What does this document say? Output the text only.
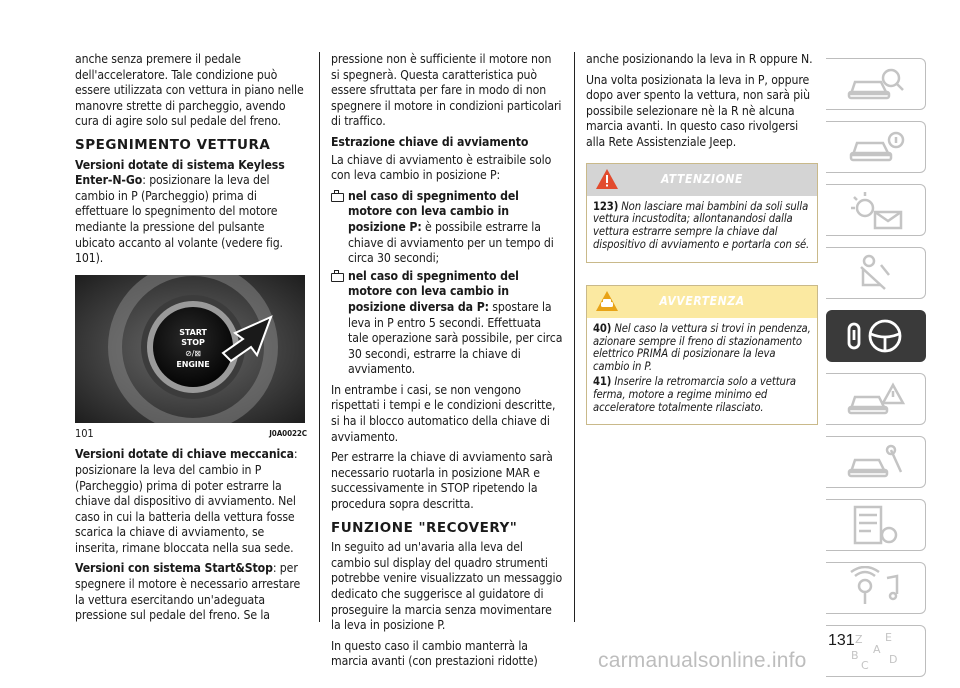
anche senza premere il pedale dell'acceleratore. Tale condizione può essere utilizzata con vettura in piano nelle manovre strette di parcheggio, avendo cura di agire solo sul pedale del freno.

SPEGNIMENTO VETTURA

Versioni dotate di sistema Keyless Enter-N-Go: posizionare la leva del cambio in P (Parcheggio) prima di effettuare lo spegnimento del motore mediante la pressione del pulsante ubicato accanto al volante (vedere fig. 101).

START
STOP
⊘/⊠
ENGINE
101	J0A0022C

Versioni dotate di chiave meccanica: posizionare la leva del cambio in P (Parcheggio) prima di poter estrarre la chiave dal dispositivo di avviamento. Nel caso in cui la batteria della vettura fosse scarica la chiave di avviamento, se inserita, rimane bloccata nella sua sede.

Versioni con sistema Start&Stop: per spegnere il motore è necessario arrestare la vettura esercitando un'adeguata pressione sul pedale del freno. Se la

pressione non è sufficiente il motore non si spegnerà. Questa caratteristica può essere sfruttata per fare in modo di non spegnere il motore in condizioni particolari di traffico.

Estrazione chiave di avviamento

La chiave di avviamento è estraibile solo con leva cambio in posizione P:

nel caso di spegnimento del motore con leva cambio in posizione P: è possibile estrarre la chiave di avviamento per un tempo di circa 30 secondi;
nel caso di spegnimento del motore con leva cambio in posizione diversa da P: spostare la leva in P entro 5 secondi. Effettuata tale operazione sarà possibile, per circa 30 secondi, estrarre la chiave di avviamento.

In entrambe i casi, se non vengono rispettati i tempi e le condizioni descritte, si ha il blocco automatico della chiave di avviamento.

Per estrarre la chiave di avviamento sarà necessario ruotarla in posizione MAR e successivamente in STOP ripetendo la procedura sopra descritta.

FUNZIONE "RECOVERY"

In seguito ad un'avaria alla leva del cambio sul display del quadro strumenti potrebbe venire visualizzato un messaggio dedicato che suggerisce al guidatore di proseguire la marcia senza movimentare la leva in posizione P.

In questo caso il cambio manterrà la marcia avanti (con prestazioni ridotte)

anche posizionando la leva in R oppure N.

Una volta posizionata la leva in P, oppure dopo aver spento la vettura, non sarà più possibile selezionare nè la R nè alcuna marcia avanti. In questo caso rivolgersi alla Rete Assistenziale Jeep.

ATTENZIONE

123) Non lasciare mai bambini da soli sulla vettura incustodita; allontanandosi dalla vettura estrarre sempre la chiave dal dispositivo di avviamento e portarla con sé.

AVVERTENZA

40) Nel caso la vettura si trovi in pendenza, azionare sempre il freno di stazionamento elettrico PRIMA di posizionare la leva cambio in P.

41) Inserire la retromarcia solo a vettura ferma, motore a regime minimo ed acceleratore totalmente rilasciato.

Z E
B A
C D
131
carmanualsonline.info
